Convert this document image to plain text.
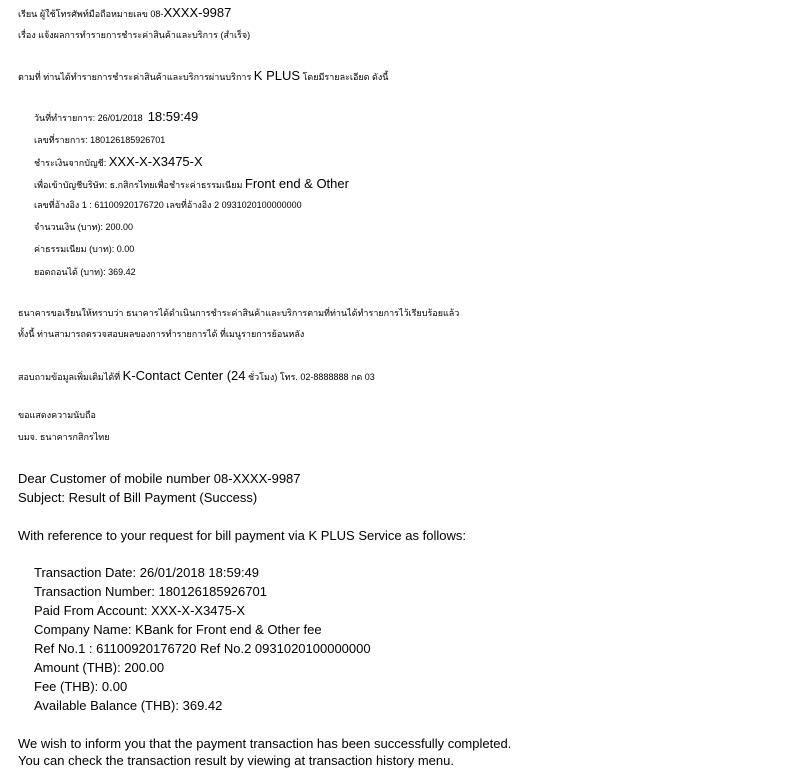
เรียน ผู้ใช้โทรศัพท์มือถือหมายเลข 08-XXXX-9987
เรื่อง แจ้งผลการทำรายการชำระค่าสินค้าและบริการ (สำเร็จ)
ตามที่ ท่านได้ทำรายการชำระค่าสินค้าและบริการผ่านบริการ K PLUS โดยมีรายละเอียด ดังนี้
วันที่ทำรายการ: 26/01/2018 18:59:49
เลขที่รายการ: 180126185926701
ชำระเงินจากบัญชี: XXX-X-X3475-X
เพื่อเข้าบัญชีบริษัท: ธ.กสิกรไทยเพื่อชำระค่าธรรมเนียม Front end & Other
เลขที่อ้างอิง 1 : 61100920176720 เลขที่อ้างอิง 2 0931020100000000
จำนวนเงิน (บาท): 200.00
ค่าธรรมเนียม (บาท): 0.00
ยอดถอนได้ (บาท): 369.42
ธนาคารขอเรียนให้ทราบว่า ธนาคารได้ดำเนินการชำระค่าสินค้าและบริการตามที่ท่านได้ทำรายการไว้เรียบร้อยแล้ว
ทั้งนี้ ท่านสามารถตรวจสอบผลของการทำรายการได้ ที่เมนูรายการย้อนหลัง
สอบถามข้อมูลเพิ่มเติมได้ที่ K-Contact Center (24 ชั่วโมง) โทร. 02-8888888 กด 03
ขอแสดงความนับถือ
บมจ. ธนาคารกสิกรไทย
Dear Customer of mobile number 08-XXXX-9987
Subject: Result of Bill Payment (Success)
With reference to your request for bill payment via K PLUS Service as follows:
Transaction Date: 26/01/2018 18:59:49
Transaction Number: 180126185926701
Paid From Account: XXX-X-X3475-X
Company Name: KBank for Front end & Other fee
Ref No.1 : 61100920176720 Ref No.2 0931020100000000
Amount (THB): 200.00
Fee (THB): 0.00
Available Balance (THB): 369.42
We wish to inform you that the payment transaction has been successfully completed.
You can check the transaction result by viewing at transaction history menu.
